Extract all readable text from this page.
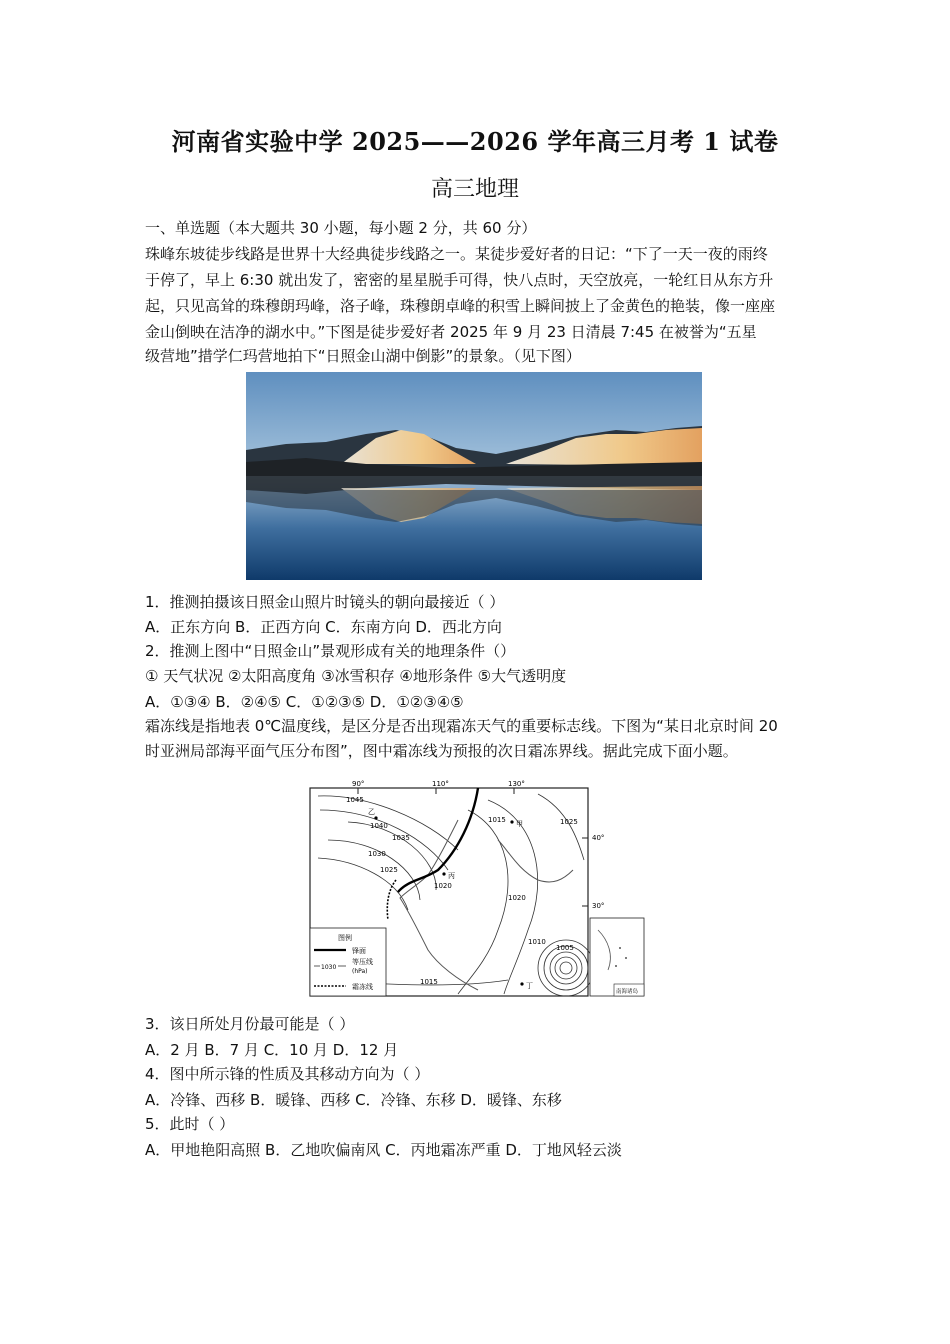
河南省实验中学 2025——2026 学年高三月考 1 试卷
高三地理
一、单选题（本大题共 30 小题，每小题 2 分，共 60 分）
珠峰东坡徒步线路是世界十大经典徒步线路之一。某徒步爱好者的日记：“下了一天一夜的雨终
于停了，早上 6:30 就出发了，密密的星星脱手可得，快八点时，天空放亮，一轮红日从东方升
起，只见高耸的珠穆朗玛峰，洛子峰，珠穆朗卓峰的积雪上瞬间披上了金黄色的艳装，像一座座
金山倒映在洁净的湖水中。”下图是徒步爱好者 2025 年 9 月 23 日清晨 7:45 在被誉为“五星
级营地”措学仁玛营地拍下“日照金山湖中倒影”的景象。（见下图）
1．推测拍摄该日照金山照片时镜头的朝向最接近（ ）
A．正东方向 B．正西方向 C．东南方向 D．西北方向
2．推测上图中“日照金山”景观形成有关的地理条件（）
① 天气状况 ②太阳高度角 ③冰雪积存 ④地形条件 ⑤大气透明度
A．①③④ B．②④⑤ C．①②③⑤ D．①②③④⑤
霜冻线是指地表 0℃温度线，是区分是否出现霜冻天气的重要标志线。下图为“某日北京时间 20
时亚洲局部海平面气压分布图”，图中霜冻线为预报的次日霜冻界线。据此完成下面小题。
90°	110°	130°
40°
30°
1045
1040
1035
1030
1025
1020
1015	1025
1020
1015
1010
1005
乙
丙
甲
丁
图例
锋面
1030
等压线
(hPa)
霜冻线
南海诸岛
3．该日所处月份最可能是（ ）
A．2 月 B．7 月 C．10 月 D．12 月
4．图中所示锋的性质及其移动方向为（ ）
A．冷锋、西移 B．暖锋、西移 C．冷锋、东移 D．暖锋、东移
5．此时（ ）
A．甲地艳阳高照 B．乙地吹偏南风 C．丙地霜冻严重 D．丁地风轻云淡
